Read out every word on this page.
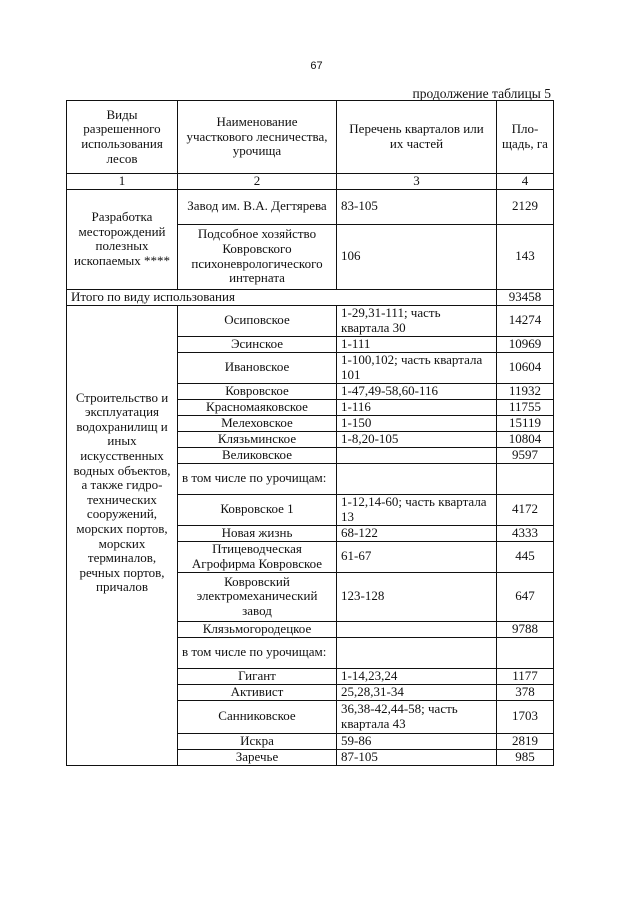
67
продолжение таблицы 5
Виды разрешенного использования лесов	Наименование участкового лесничества, урочища	Перечень кварталов или их частей	Пло-щадь, га
1	2	3	4
Разработка месторождений полезных ископаемых ****	Завод им. В.А. Дегтярева	83-105	2129
	Подсобное хозяйство Ковровского психоневрологического интерната	106	143
Итого по виду использования			93458
Строительство и эксплуатация водохранилищ и иных искусственных водных объектов, а также гидро-технических сооружений, морских портов, морских терминалов, речных портов, причалов	Осиповское	1-29,31-111; часть квартала 30	14274
	Эсинское	1-111	10969
	Ивановское	1-100,102; часть квартала 101	10604
	Ковровское	1-47,49-58,60-116	11932
	Красномаяковское	1-116	11755
	Мелеховское	1-150	15119
	Клязьминское	1-8,20-105	10804
	Великовское		9597
	в том числе по урочищам:		
	Ковровское 1	1-12,14-60; часть квартала 13	4172
	Новая жизнь	68-122	4333
	Птицеводческая Агрофирма Ковровское	61-67	445
	Ковровский электромеханический завод	123-128	647
	Клязьмогородецкое		9788
	в том числе по урочищам:		
	Гигант	1-14,23,24	1177
	Активист	25,28,31-34	378
	Санниковское	36,38-42,44-58; часть квартала 43	1703
	Искра	59-86	2819
	Заречье	87-105	985
